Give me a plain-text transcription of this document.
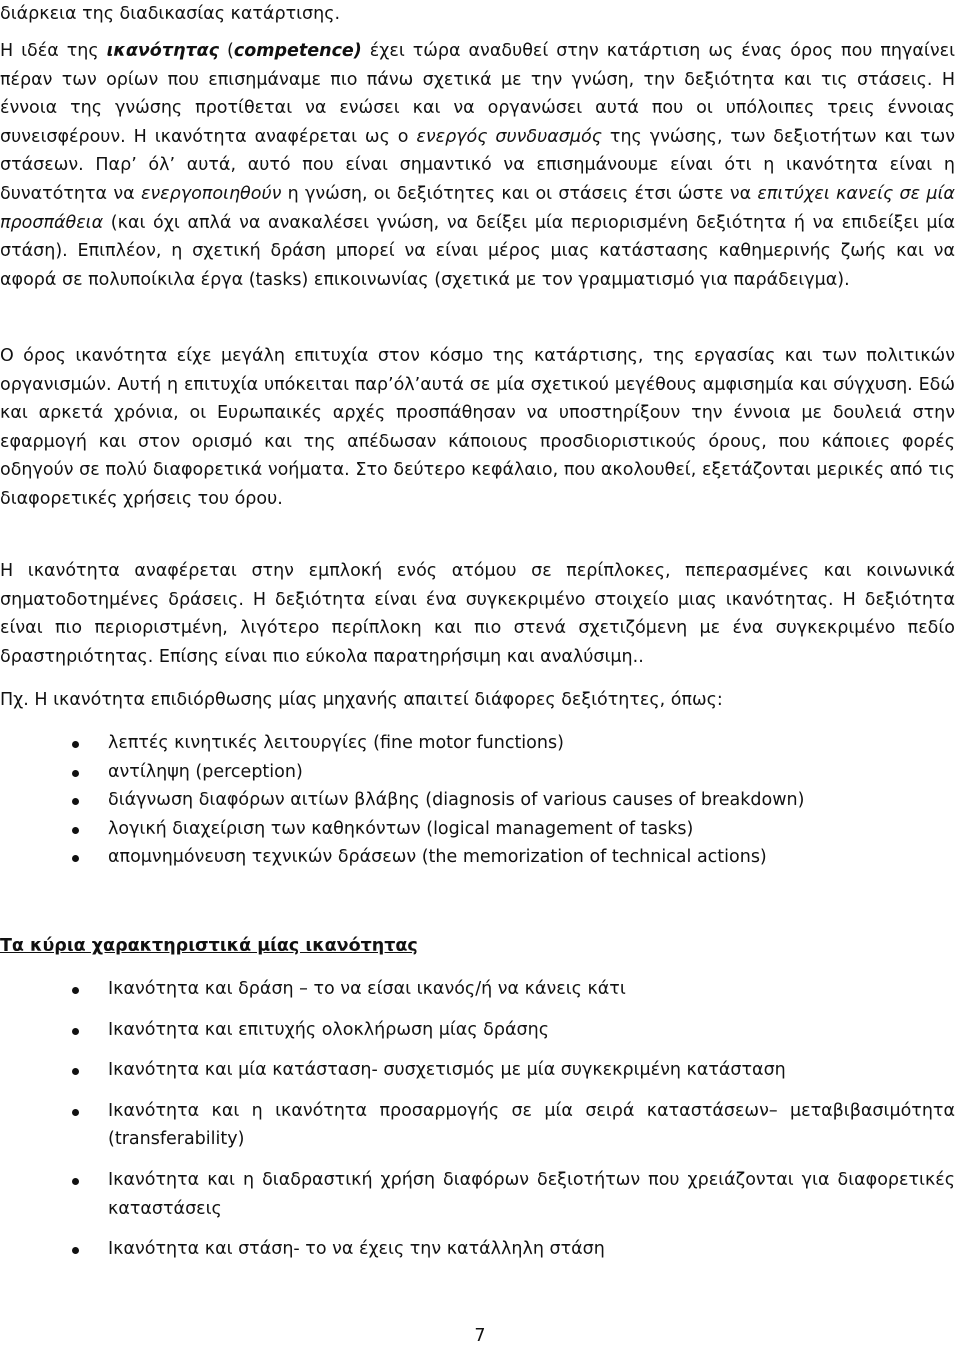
διάρκεια της διαδικασίας κατάρτισης.

Η ιδέα της ικανότητας (competence) έχει τώρα αναδυθεί στην κατάρτιση ως ένας όρος που πηγαίνει πέραν των ορίων που επισημάναμε πιο πάνω σχετικά με την γνώση, την δεξιότητα και τις στάσεις. Η έννοια της γνώσης προτίθεται να ενώσει και να οργανώσει αυτά που οι υπόλοιπες τρεις έννοιας συνεισφέρουν. Η ικανότητα αναφέρεται ως ο ενεργός συνδυασμός της γνώσης, των δεξιοτήτων και των στάσεων. Παρ’ όλ’ αυτά, αυτό που είναι σημαντικό να επισημάνουμε είναι ότι η ικανότητα είναι η δυνατότητα να ενεργοποιηθούν η γνώση, οι δεξιότητες και οι στάσεις έτσι ώστε να επιτύχει κανείς σε μία προσπάθεια (και όχι απλά να ανακαλέσει γνώση, να δείξει μία περιορισμένη δεξιότητα ή να επιδείξει μία στάση). Επιπλέον, η σχετική δράση μπορεί να είναι μέρος μιας κατάστασης καθημερινής ζωής και να αφορά σε πολυποίκιλα έργα (tasks) επικοινωνίας (σχετικά με τον γραμματισμό για παράδειγμα).

Ο όρος ικανότητα είχε μεγάλη επιτυχία στον κόσμο της κατάρτισης, της εργασίας και των πολιτικών οργανισμών. Αυτή η επιτυχία υπόκειται παρ’όλ’αυτά σε μία σχετικού μεγέθους αμφισημία και σύγχυση. Εδώ και αρκετά χρόνια, οι Ευρωπαικές αρχές προσπάθησαν να υποστηρίξουν την έννοια με δουλειά στην εφαρμογή και στον ορισμό και της απέδωσαν κάποιους προσδιοριστικούς όρους, που κάποιες φορές οδηγούν σε πολύ διαφορετικά νοήματα. Στο δεύτερο κεφάλαιο, που ακολουθεί, εξετάζονται μερικές από τις διαφορετικές χρήσεις του όρου.

Η ικανότητα αναφέρεται στην εμπλοκή ενός ατόμου σε περίπλοκες, πεπερασμένες και κοινωνικά σηματοδοτημένες δράσεις. Η δεξιότητα είναι ένα συγκεκριμένο στοιχείο μιας ικανότητας. Η δεξιότητα είναι πιο περιοριστμένη, λιγότερο περίπλοκη και πιο στενά σχετιζόμενη με ένα συγκεκριμένο πεδίο δραστηριότητας. Επίσης είναι πιο εύκολα παρατηρήσιμη και αναλύσιμη..

Πχ. Η ικανότητα επιδιόρθωσης μίας μηχανής απαιτεί διάφορες δεξιότητες, όπως:

λεπτές κινητικές λειτουργίες (fine motor functions)
αντίληψη (perception)
διάγνωση διαφόρων αιτίων βλάβης (diagnosis of various causes of breakdown)
λογική διαχείριση των καθηκόντων (logical management of tasks)
απομνημόνευση τεχνικών δράσεων (the memorization of technical actions)

Τα κύρια χαρακτηριστικά μίας ικανότητας

Ικανότητα και δράση – το να είσαι ικανός/ή να κάνεις κάτι
Ικανότητα και επιτυχής ολοκλήρωση μίας δράσης
Ικανότητα και μία κατάσταση- συσχετισμός με μία συγκεκριμένη κατάσταση
Ικανότητα και η ικανότητα προσαρμογής σε μία σειρά καταστάσεων– μεταβιβασιμότητα (transferability)
Ικανότητα και η διαδραστική χρήση διαφόρων δεξιοτήτων που χρειάζονται για διαφορετικές καταστάσεις
Ικανότητα και στάση- το να έχεις την κατάλληλη στάση
7
